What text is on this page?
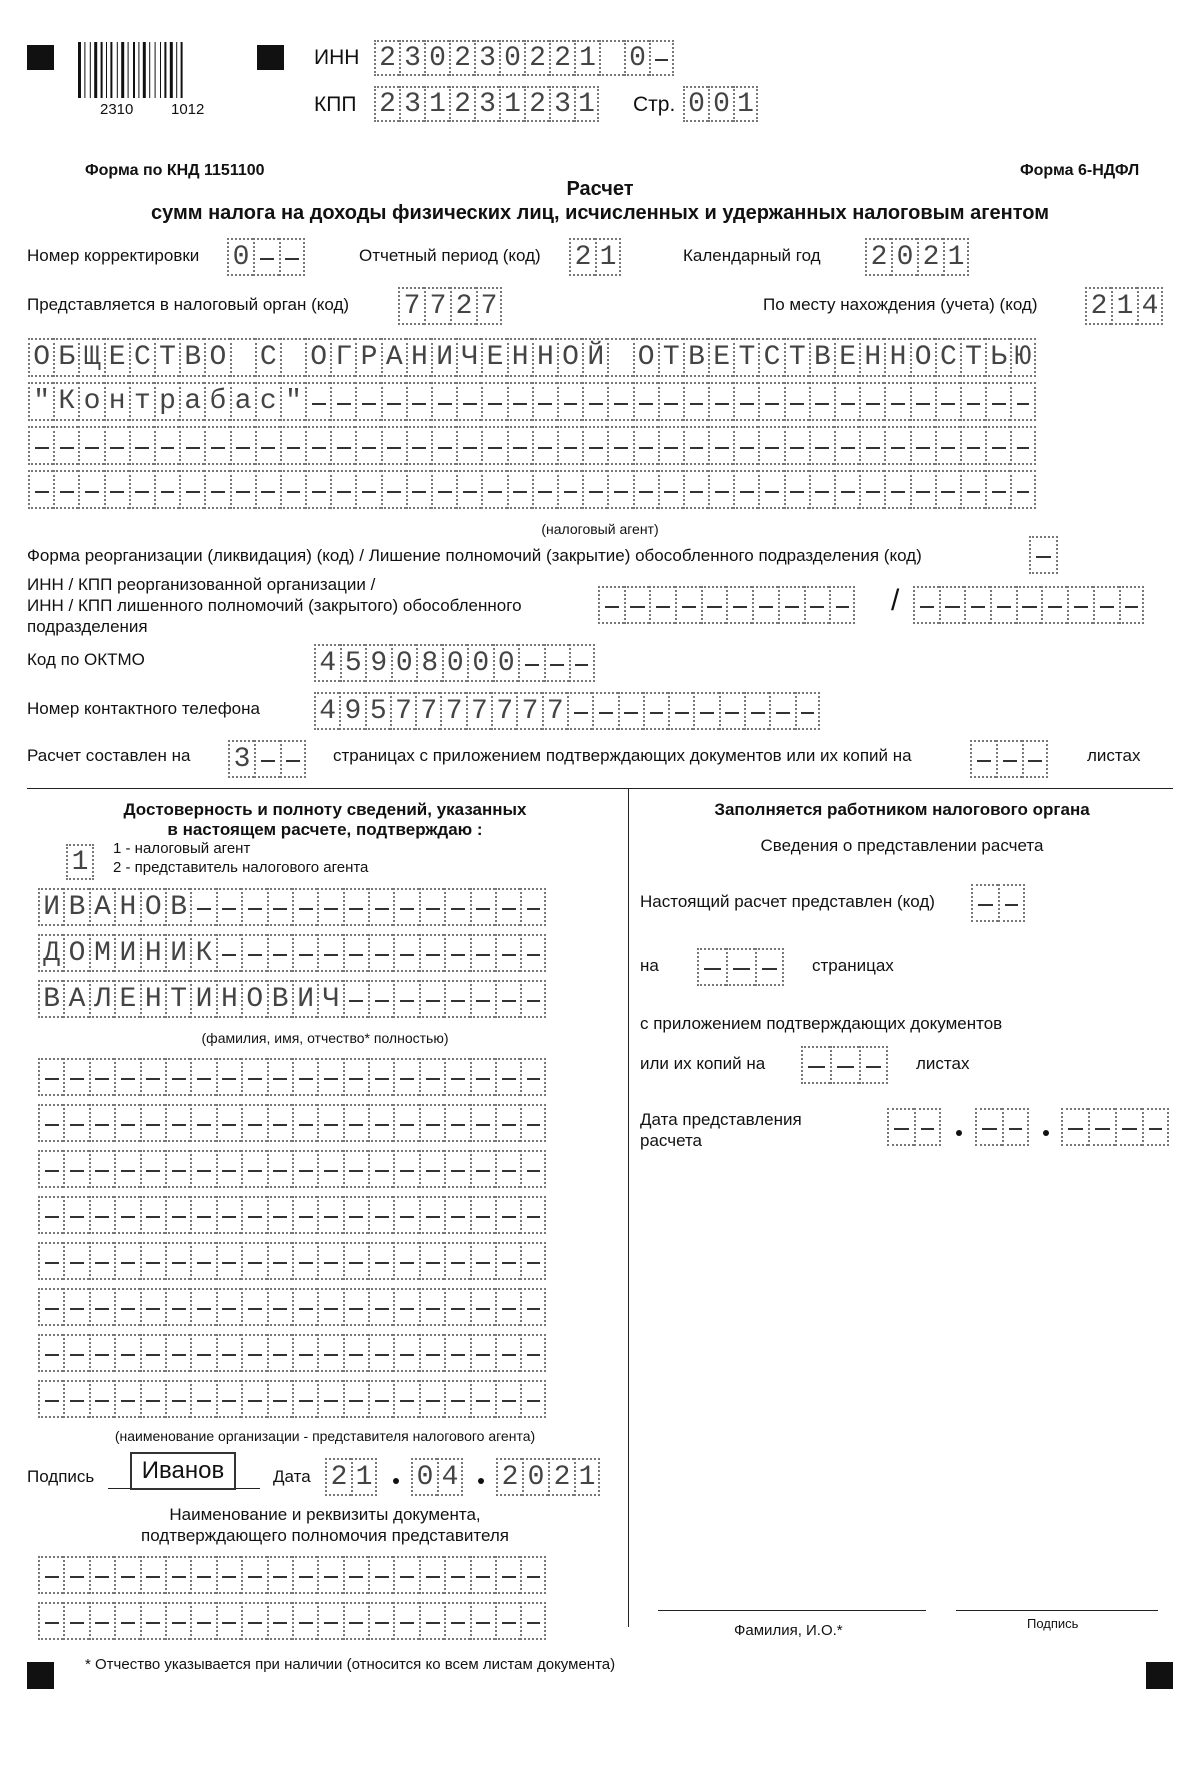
2310	1012
ИНН 2 3 0 2 3 0 2 2 1 0
КПП 2 3 1 2 3 1 2 3 1 Стр. 0 0 1
Форма по КНД 1151100	Форма 6-НДФЛ
Расчет
сумм налога на доходы физических лиц, исчисленных и удержанных налоговым агентом
Номер корректировки 0	Отчетный период (код) 2 1	Календарный год 2 0 2 1
Представляется в налоговый орган (код) 7 7 2 7	По месту нахождения (учета) (код) 2 1 4
О Б Щ Е С Т В О С О Г Р А Н И Ч Е Н Н О Й О Т В Е Т С Т В Е Н Н О С Т Ь Ю
" К о н т р а б а с "
(налоговый агент)
Форма реорганизации (ликвидация) (код) / Лишение полномочий (закрытие) обособленного подразделения (код)
ИНН / КПП реорганизованной организации /
ИНН / КПП лишенного полномочий (закрытого) обособленного
подразделения
/
Код по ОКТМО	4 5 9 0 8 0 0 0
Номер контактного телефона 4 9 5 7 7 7 7 7 7 7
Расчет составлен на 3	страницах с приложением подтверждающих документов или их копий на	листах
Достоверность и полноту сведений, указанных
в настоящем расчете, подтверждаю :
1	1 - налоговый агент
2 - представитель налогового агента
И В А Н О В
Д О М И Н И К
В А Л Е Н Т И Н О В И Ч
(фамилия, имя, отчество* полностью)
(наименование организации - представителя налогового агента)
Подпись Иванов	Дата 2 1 0 4 2 0 2 1
Наименование и реквизиты документа,
подтверждающего полномочия представителя
Заполняется работником налогового органа
Сведения о представлении расчета
Настоящий расчет представлен (код)
на	страницах
с приложением подтверждающих документов
или их копий на	листах
Дата представления
расчета
Фамилия, И.О.*	Подпись
* Отчество указывается при наличии (относится ко всем листам документа)
